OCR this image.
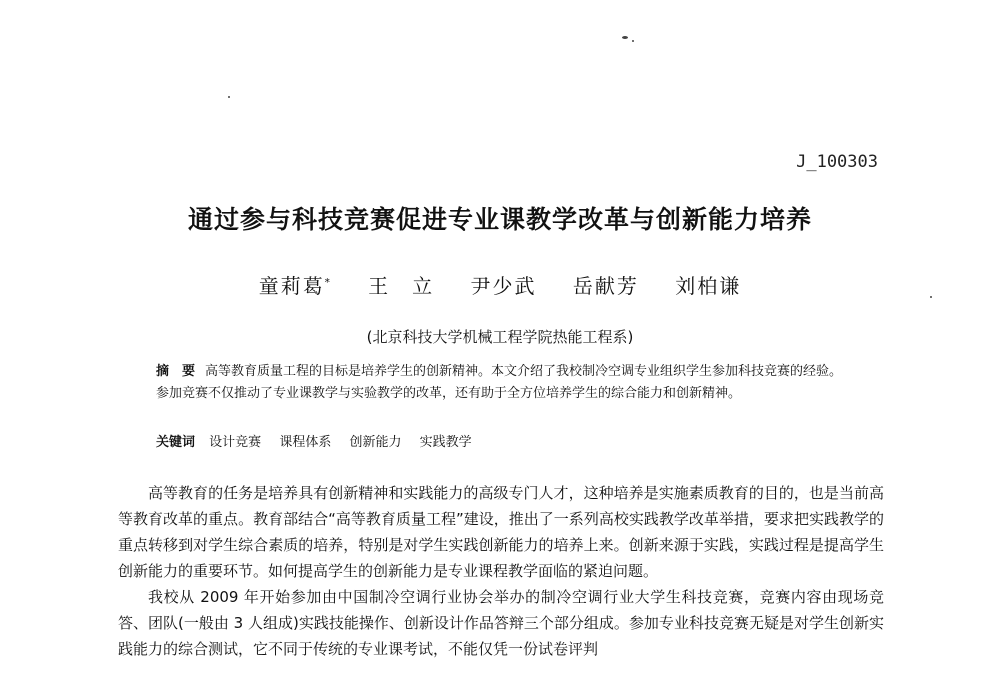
J_100303
通过参与科技竞赛促进专业课教学改革与创新能力培养
童莉葛* 王　立 尹少武 岳献芳 刘柏谦
(北京科技大学机械工程学院热能工程系)
摘　要 高等教育质量工程的目标是培养学生的创新精神。本文介绍了我校制冷空调专业组织学生参加科技竞赛的经验。参加竞赛不仅推动了专业课教学与实验教学的改革，还有助于全方位培养学生的综合能力和创新精神。
关键词 设计竞赛 课程体系 创新能力 实践教学

高等教育的任务是培养具有创新精神和实践能力的高级专门人才，这种培养是实施素质教育的目的，也是当前高等教育改革的重点。教育部结合“高等教育质量工程”建设，推出了一系列高校实践教学改革举措，要求把实践教学的重点转移到对学生综合素质的培养，特别是对学生实践创新能力的培养上来。创新来源于实践，实践过程是提高学生创新能力的重要环节。如何提高学生的创新能力是专业课程教学面临的紧迫问题。

我校从 2009 年开始参加由中国制冷空调行业协会举办的制冷空调行业大学生科技竞赛，竞赛内容由现场竞答、团队(一般由 3 人组成)实践技能操作、创新设计作品答辩三个部分组成。参加专业科技竞赛无疑是对学生创新实践能力的综合测试，它不同于传统的专业课考试，不能仅凭一份试卷评判
